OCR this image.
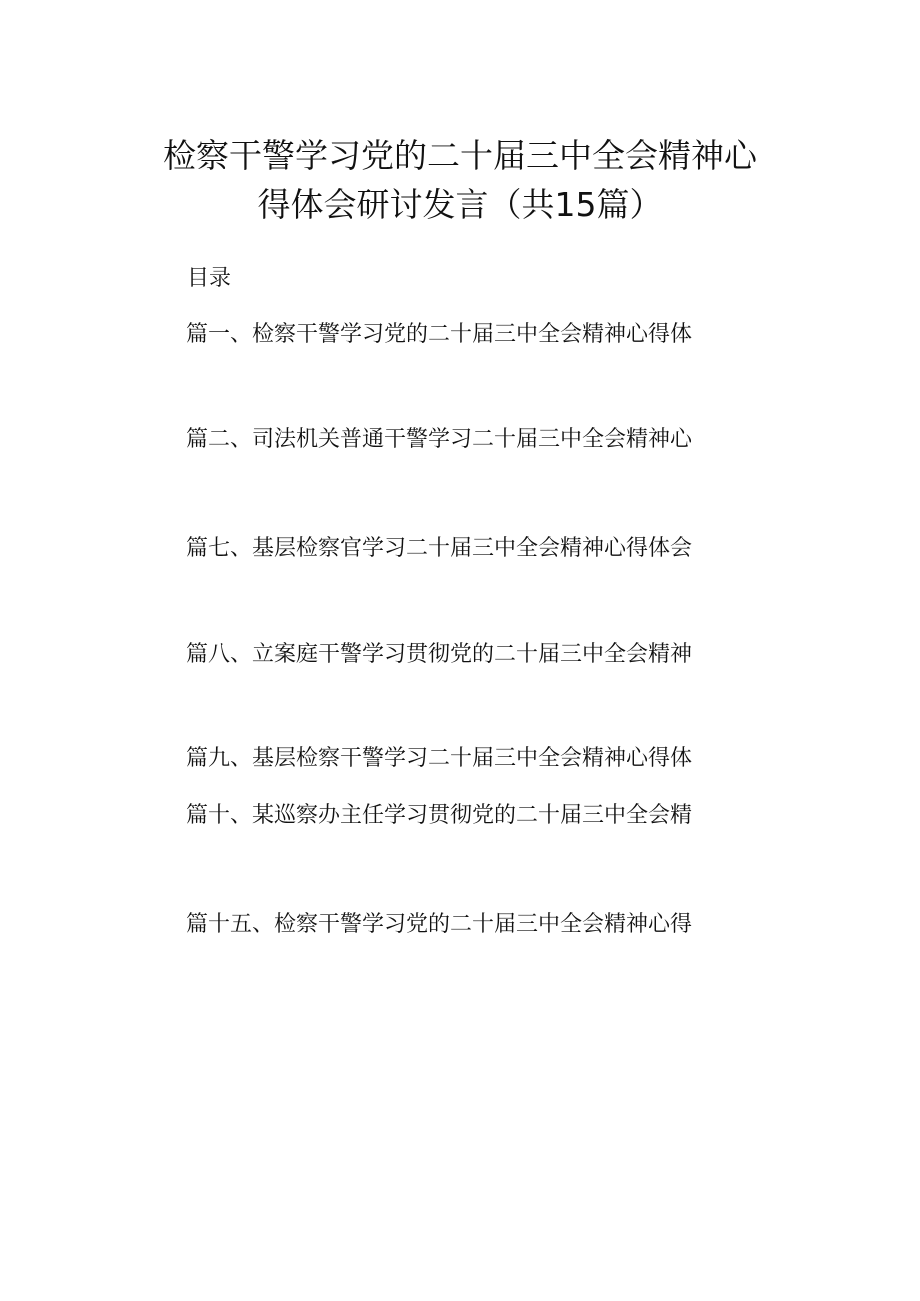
检察干警学习党的二十届三中全会精神心
得体会研讨发言（共15篇）
目录
篇一、检察干警学习党的二十届三中全会精神心得体
篇二、司法机关普通干警学习二十届三中全会精神心
篇七、基层检察官学习二十届三中全会精神心得体会
篇八、立案庭干警学习贯彻党的二十届三中全会精神
篇九、基层检察干警学习二十届三中全会精神心得体
篇十、某巡察办主任学习贯彻党的二十届三中全会精
篇十五、检察干警学习党的二十届三中全会精神心得
